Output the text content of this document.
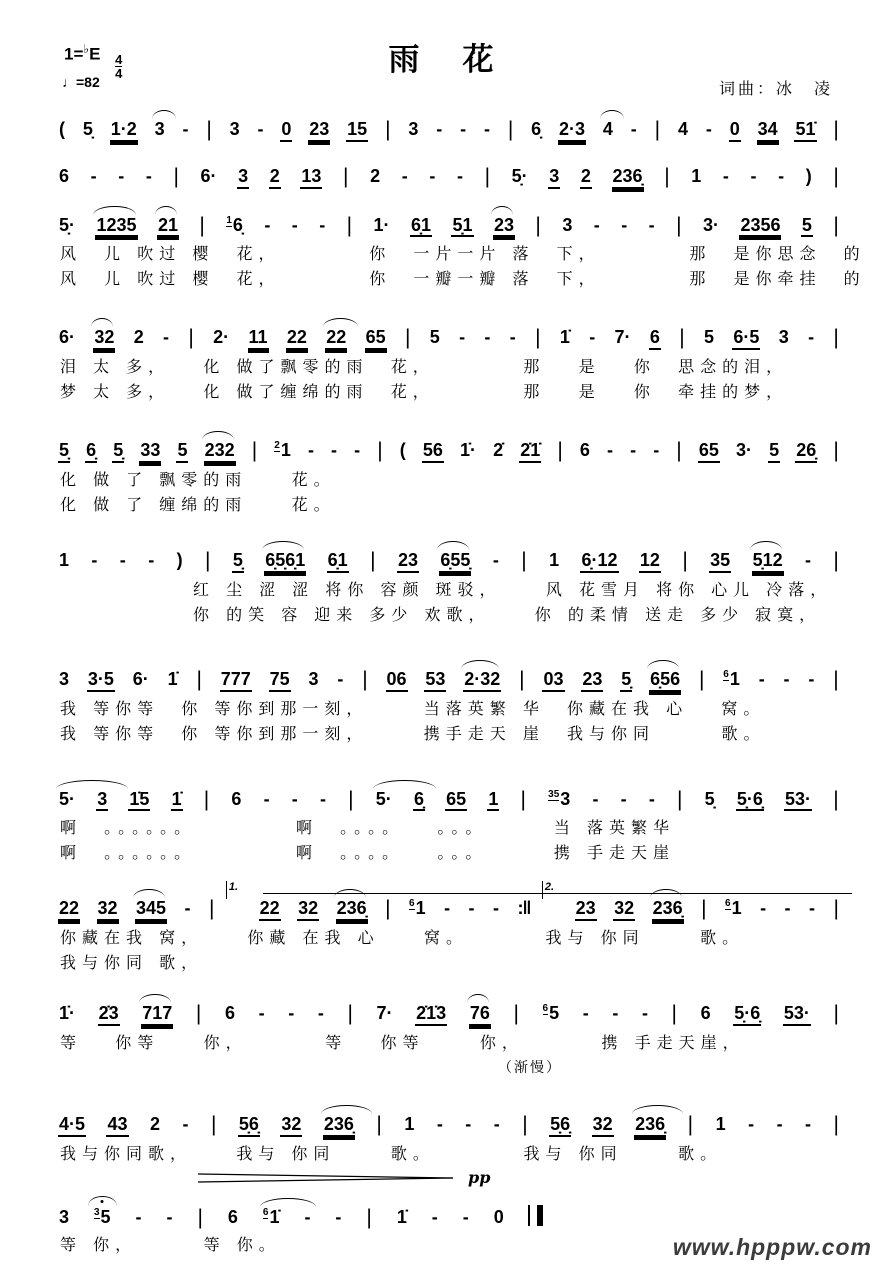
$1=^♭E \frac{4}{4}$
♩=82
雨　花
词曲：冰　凌
( 5̣ 1·2 3 - | 3 - 0 23 15 | 3 - - - | 6̣ 2·3 4 - | 4 - 0 34 51̇ |
6 - - - | 6· 3 2 13 | 2 - - - | 5̣· 3 2 236̣ | 1 - - - ) |
5̣· 1235 21 | $^1$6̣ - - - | 1· 6̣1 5̣1 23 | 3 - - - | 3· 2356 5 |
风  儿 吹过 樱  花，        你  一片一片 落  下，        那  是你思念  的
风  儿 吹过 樱  花，        你  一瓣一瓣 落  下，        那  是你牵挂  的
6· 32 2 - | 2· 11 22 22 65 | 5 - - - | 1̇ - 7· 6 | 5 6·5 3 - |
泪 太 多，   化 做了飘零的雨  花，        那   是   你  思念的泪，
梦 太 多，   化 做了缠绵的雨  花，        那   是   你  牵挂的梦，
5̣ 6̣ 5̣ 33 5 232 | $^2$1 - - - | ( 56 1̇· 2̇ 2̇1̇ | 6 - - - | 65 3· 5 26̣ |
化 做 了 飘零的雨    花。
化 做 了 缠绵的雨    花。
1 - - - ) | 5̣ 6̣5̣6̣1 6̣1 | 23 6̣55̣ - | 1 6̣·12 12 | 35 5̣12 - |
红 尘 涩 涩 将你 容颜 斑驳，    风 花雪月 将你 心儿 冷落，
你 的笑 容 迎来 多少 欢歌，    你 的柔情 送走 多少 寂寞，
3 3·5 6· 1̇ | 777 75 3 - | 06 53 2·32 | 03 23 5̣ 6̣56 | $^6$1 - - - |
我 等你等  你 等你到那一刻，     当落英繁 华  你藏在我 心   窝。
我 等你等  你 等你到那一刻，     携手走天 崖  我与你同      歌。
5· 3 1̇5 1̇ | 6 - - - | 5· 6̣ 65 1 | $^{35}$3 - - - | 5̣ 5̣·6̣ 53· |
啊  。。。。。。         啊  。。。。   。。。      当 落英繁华
啊  。。。。。。         啊  。。。。   。。。      携 手走天崖
22 32 345 - |
1.
22 32 236̣ | $^6$1 - - - :‖
2.
23 32 236̣ | $^6$1 - - - |
你藏在我 窝，    你藏 在我 心    窝。       我与 你同     歌。
我与你同 歌，
1̇· 2̇3 717 | 6 - - - | 7· 2̇1̇3 76 | $^6$5 - - - | 6 5̣·6̣ 53· |
等   你等    你，       等   你等     你，       携 手走天崖，
（渐慢）
4·5 43 2 - | 5̣6̣ 32 236̣ | 1 - - - | 5̣6̣ 32 236̣ | 1 - - - |
我与你同歌，    我与 你同     歌。        我与 你同     歌。
pp
3 $^3$5 - - | 6 $^6$1̇ - - | 1̇ - - 0
等 你，      等 你。	www.hpppw.com
